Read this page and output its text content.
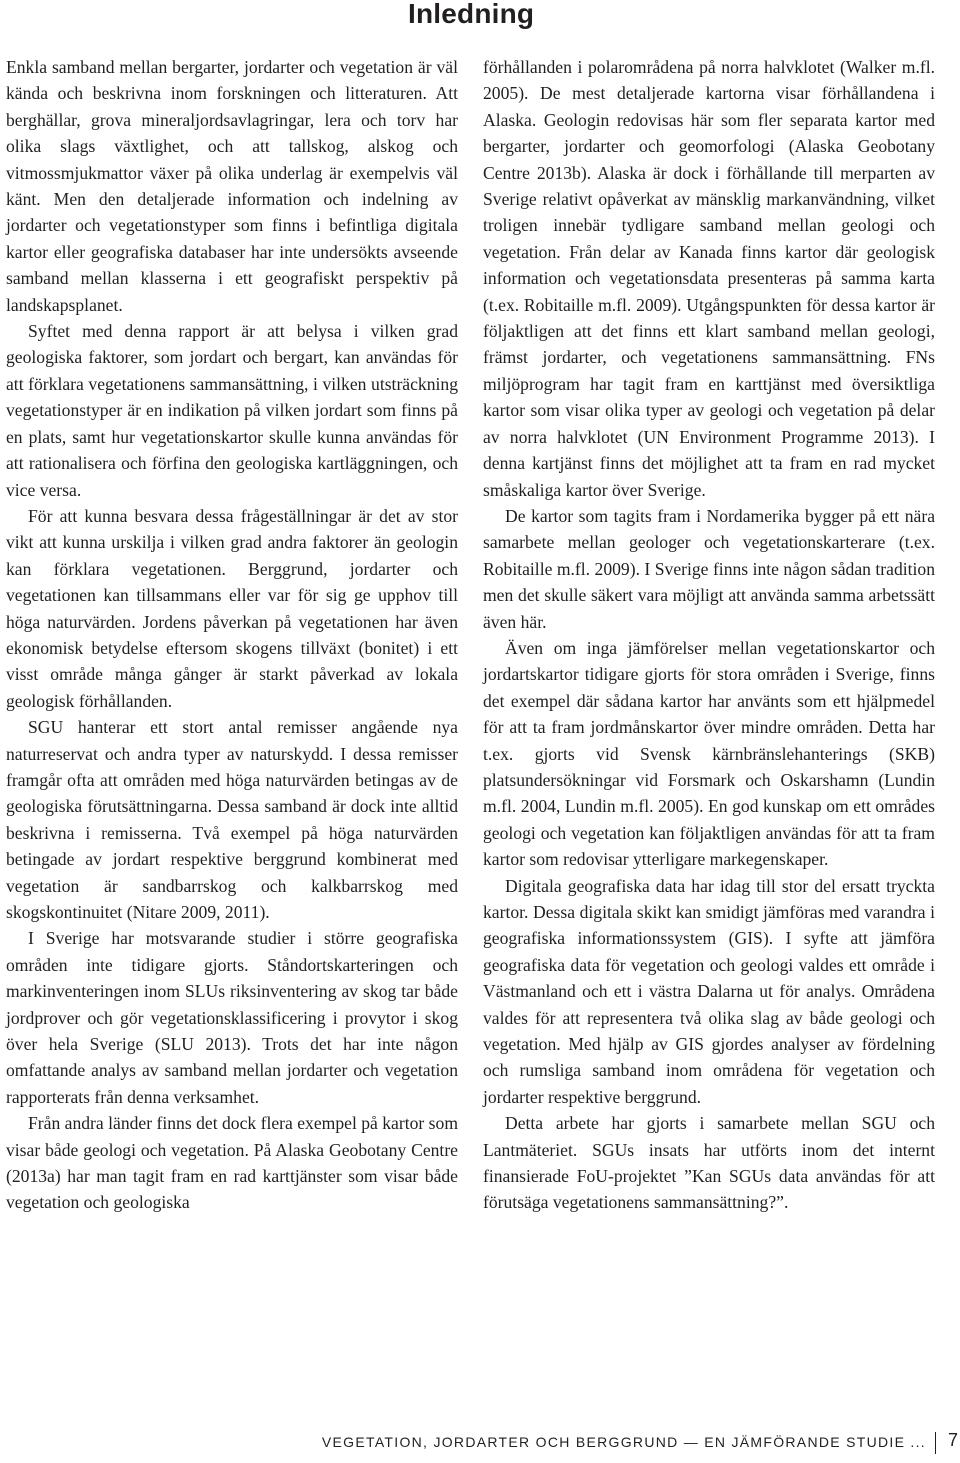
Inledning

Enkla samband mellan bergarter, jordarter och vegetation är väl kända och beskrivna inom forskningen och litteraturen. Att berghällar, grova mineraljordsavlagringar, lera och torv har olika slags växtlighet, och att tallskog, alskog och vitmossmjukmattor växer på olika underlag är exempelvis väl känt. Men den detaljerade information och indelning av jordarter och vegetationstyper som finns i befintliga digitala kartor eller geografiska databaser har inte undersökts avseende samband mellan klasserna i ett geografiskt perspektiv på landskapsplanet.

Syftet med denna rapport är att belysa i vilken grad geologiska faktorer, som jordart och bergart, kan användas för att förklara vegetationens sammansättning, i vilken utsträckning vegetationstyper är en indikation på vilken jordart som finns på en plats, samt hur vegetationskartor skulle kunna användas för att rationalisera och förfina den geologiska kartläggningen, och vice versa.

För att kunna besvara dessa frågeställningar är det av stor vikt att kunna urskilja i vilken grad andra faktorer än geologin kan förklara vegetationen. Berggrund, jordarter och vegetationen kan tillsammans eller var för sig ge upphov till höga naturvärden. Jordens påverkan på vegetationen har även ekonomisk betydelse eftersom skogens tillväxt (bonitet) i ett visst område många gånger är starkt påverkad av lokala geologisk förhållanden.

SGU hanterar ett stort antal remisser angående nya naturreservat och andra typer av naturskydd. I dessa remisser framgår ofta att områden med höga naturvärden betingas av de geologiska förutsättningarna. Dessa samband är dock inte alltid beskrivna i remisserna. Två exempel på höga naturvärden betingade av jordart respektive berggrund kombinerat med vegetation är sandbarrskog och kalkbarrskog med skogskontinuitet (Nitare 2009, 2011).

I Sverige har motsvarande studier i större geografiska områden inte tidigare gjorts. Ståndortskarteringen och markinventeringen inom SLUs riksinventering av skog tar både jordprover och gör vegetationsklassificering i provytor i skog över hela Sverige (SLU 2013). Trots det har inte någon omfattande analys av samband mellan jordarter och vegetation rapporterats från denna verksamhet.

Från andra länder finns det dock flera exempel på kartor som visar både geologi och vegetation. På Alaska Geobotany Centre (2013a) har man tagit fram en rad karttjänster som visar både vegetation och geologiska

förhållanden i polarområdena på norra halvklotet (Walker m.fl. 2005). De mest detaljerade kartorna visar förhållandena i Alaska. Geologin redovisas här som fler separata kartor med bergarter, jordarter och geomorfologi (Alaska Geobotany Centre 2013b). Alaska är dock i förhållande till merparten av Sverige relativt opåverkat av mänsklig markanvändning, vilket troligen innebär tydligare samband mellan geologi och vegetation. Från delar av Kanada finns kartor där geologisk information och vegetationsdata presenteras på samma karta (t.ex. Robitaille m.fl. 2009). Utgångspunkten för dessa kartor är följaktligen att det finns ett klart samband mellan geologi, främst jordarter, och vegetationens sammansättning. FNs miljöprogram har tagit fram en karttjänst med översiktliga kartor som visar olika typer av geologi och vegetation på delar av norra halvklotet (UN Environment Programme 2013). I denna kartjänst finns det möjlighet att ta fram en rad mycket småskaliga kartor över Sverige.

De kartor som tagits fram i Nordamerika bygger på ett nära samarbete mellan geologer och vegetationskarterare (t.ex. Robitaille m.fl. 2009). I Sverige finns inte någon sådan tradition men det skulle säkert vara möjligt att använda samma arbetssätt även här.

Även om inga jämförelser mellan vegetationskartor och jordartskartor tidigare gjorts för stora områden i Sverige, finns det exempel där sådana kartor har använts som ett hjälpmedel för att ta fram jordmånskartor över mindre områden. Detta har t.ex. gjorts vid Svensk kärnbränslehanterings (SKB) platsundersökningar vid Forsmark och Oskarshamn (Lundin m.fl. 2004, Lundin m.fl. 2005). En god kunskap om ett områdes geologi och vegetation kan följaktligen användas för att ta fram kartor som redovisar ytterligare markegenskaper.

Digitala geografiska data har idag till stor del ersatt tryckta kartor. Dessa digitala skikt kan smidigt jämföras med varandra i geografiska informationssystem (GIS). I syfte att jämföra geografiska data för vegetation och geologi valdes ett område i Västmanland och ett i västra Dalarna ut för analys. Områdena valdes för att representera två olika slag av både geologi och vegetation. Med hjälp av GIS gjordes analyser av fördelning och rumsliga samband inom områdena för vegetation och jordarter respektive berggrund.

Detta arbete har gjorts i samarbete mellan SGU och Lantmäteriet. SGUs insats har utförts inom det internt finansierade FoU-projektet ”Kan SGUs data användas för att förutsäga vegetationens sammansättning?”.

VEGETATION, JORDARTER OCH BERGGRUND — EN JÄMFÖRANDE STUDIE ... 7
